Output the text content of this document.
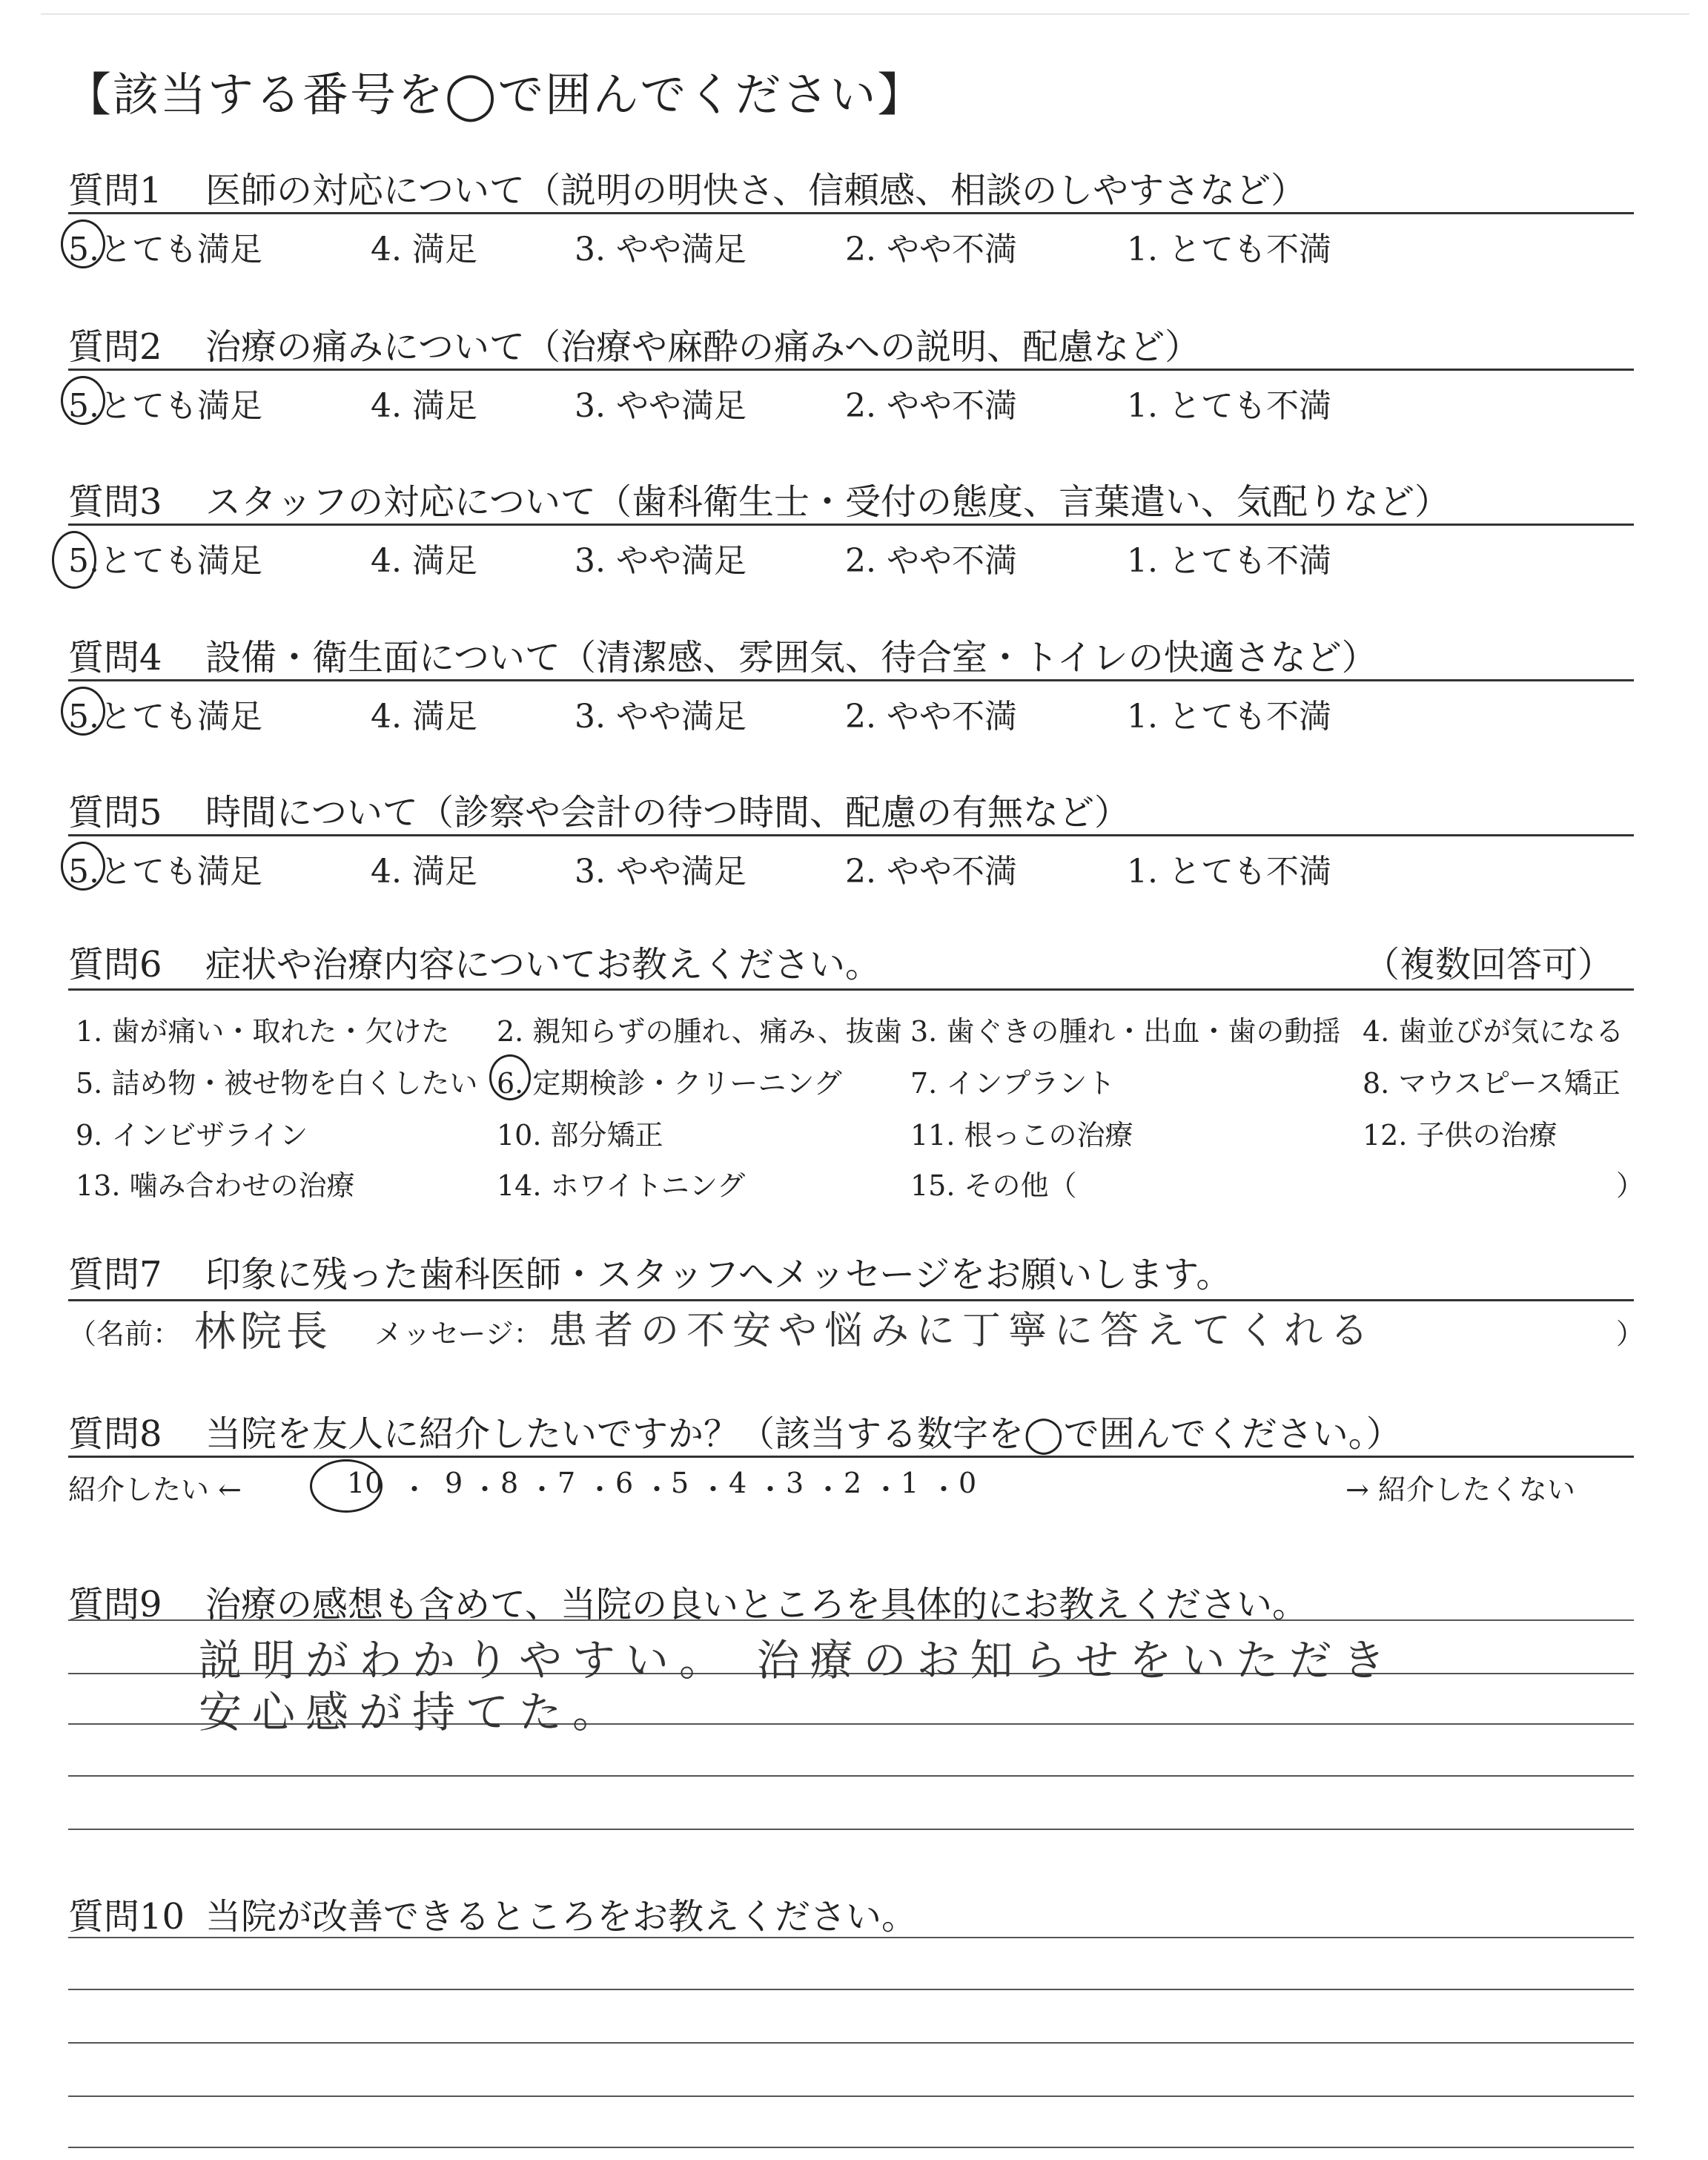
【該当する番号を◯で囲んでください】
質問1 医師の対応について（説明の明快さ、信頼感、相談のしやすさなど）
5.とても満足	4. 満足	3. やや満足	2. やや不満	1. とても不満
質問2 治療の痛みについて（治療や麻酔の痛みへの説明、配慮など）
5.とても満足	4. 満足	3. やや満足	2. やや不満	1. とても不満
質問3 スタッフの対応について（歯科衛生士・受付の態度、言葉遣い、気配りなど）
5.とても満足	4. 満足	3. やや満足	2. やや不満	1. とても不満
質問4 設備・衛生面について（清潔感、雰囲気、待合室・トイレの快適さなど）
5.とても満足	4. 満足	3. やや満足	2. やや不満	1. とても不満
質問5 時間について（診察や会計の待つ時間、配慮の有無など）
5.とても満足	4. 満足	3. やや満足	2. やや不満	1. とても不満
質問6 症状や治療内容についてお教えください。	（複数回答可）
1. 歯が痛い・取れた・欠けた 2. 親知らずの腫れ、痛み、抜歯 3. 歯ぐきの腫れ・出血・歯の動揺 4. 歯並びが気になる
5. 詰め物・被せ物を白くしたい 6. 定期検診・クリーニング 7. インプラント	8. マウスピース矯正
9. インビザライン	10. 部分矯正	11. 根っこの治療	12. 子供の治療
13. 噛み合わせの治療	14. ホワイトニング	15. その他（	）
質問7 印象に残った歯科医師・スタッフへメッセージをお願いします。
（名前： 林院長 メッセージ： 患者の不安や悩みに丁寧に答えてくれる	）
質問8 当院を友人に紹介したいですか？（該当する数字を◯で囲んでください。）
紹介したい ←	10 9 8 7 6 5 4 3 2 1 0
・ ・ ・ ・ ・ ・ ・ ・ ・ ・	→ 紹介したくない
質問9 治療の感想も含めて、当院の良いところを具体的にお教えください。
説明がわかりやすい。 治療のお知らせをいただき
安心感が持てた。
質問10 当院が改善できるところをお教えください。
